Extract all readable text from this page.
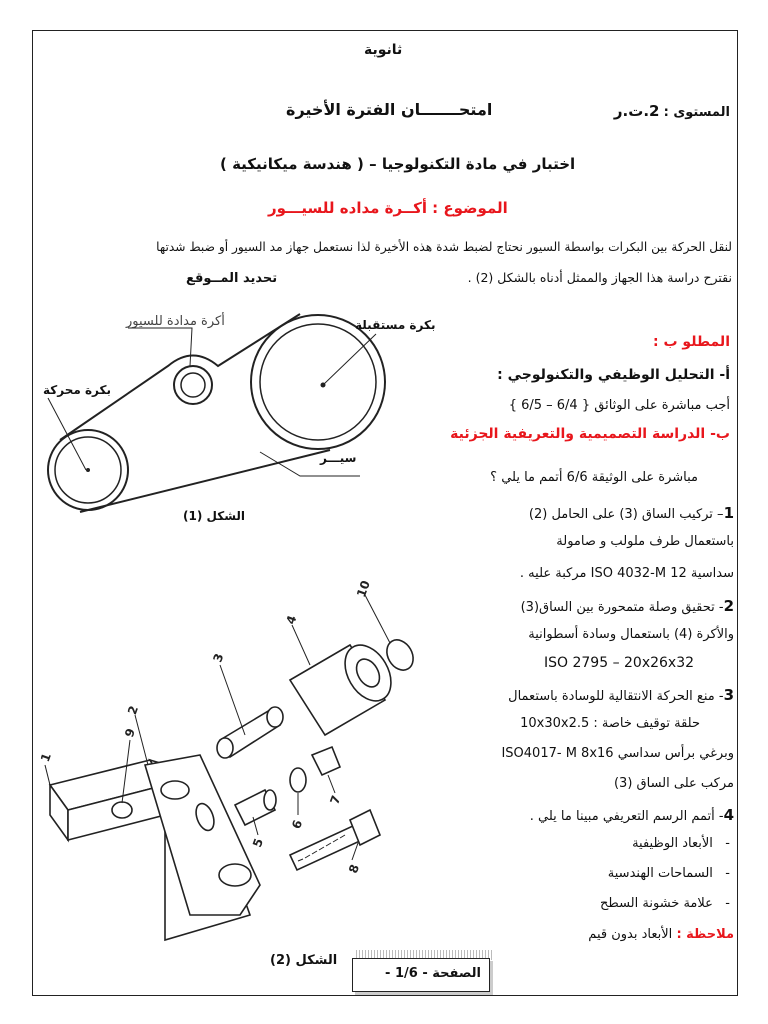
ثانوية
المستوى : 2.ت.ر
امتحـــــــان الفترة الأخيرة
اختبار في مادة التكنولوجيا – ( هندسة ميكانيكية )
الموضوع : أكــرة مداده للسيـــور
لنقل الحركة بين البكرات بواسطة السيور نحتاج لضبط شدة هذه الأخيرة لذا نستعمل جهاز مد السيور أو ضبط شدتها
نقترح دراسة هذا الجهاز والممثل أدناه بالشكل (2) .
تحديد المــوقع
أكرة مدادة للسيور	بكرة مستقبلة
بكرة محركة
سيـــر
الشكل (1)
المطلو ب :
أ- التحليل الوظيفي والتكنولوجي :
أجب مباشرة على الوثائق { 6/4 – 6/5 }
ب- الدراسة التصميمية والتعريفية الجزئية
مباشرة على الوثيقة 6/6 أتمم ما يلي ؟
1– تركيب الساق (3) على الحامل (2)
باستعمال طرف ملولب و صامولة
سداسية ISO 4032-M 12 مركبة عليه .
2- تحقيق وصلة متمحورة بين الساق(3)
والأكرة (4) باستعمال وسادة أسطوانية
ISO 2795 – 20x26x32
3- منع الحركة الانتقالية للوسادة باستعمال
حلقة توقيف خاصة : 10x30x2.5
وبرغي برأس سداسي ISO4017- M 8x16
مركب على الساق (3)
4- أتمم الرسم التعريفي مبينا ما يلي .
-   الأبعاد الوظيفية
-   السماحات الهندسية
-   علامة خشونة السطح
ملاحظة : الأبعاد بدون قيم
1
2
3
4
5
6
7
8
9
10
الشكل (2)
الصفحة - 1/6 -
